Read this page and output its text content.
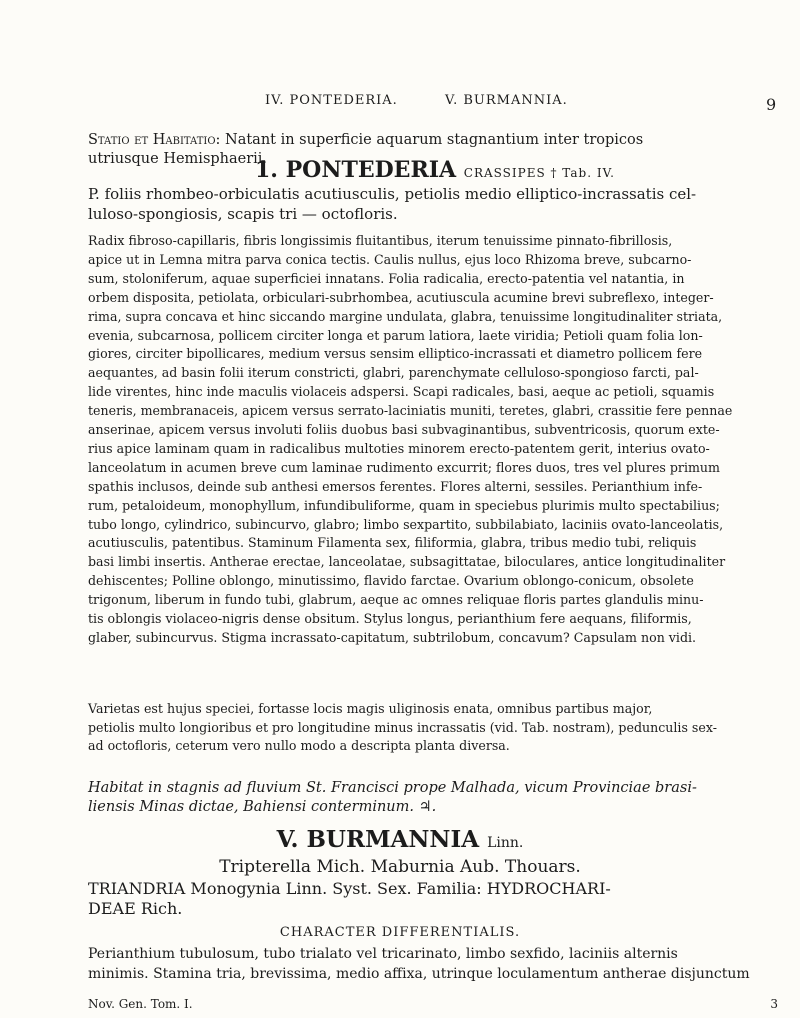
IV. PONTEDERIA.	V. BURMANNIA.	9
Statio et Habitatio: Natant in superficie aquarum stagnantium inter tropicos
utriusque Hemisphaerii.
1. PONTEDERIA CRASSIPES † Tab. IV.
P. foliis rhombeo-orbiculatis acutiusculis, petiolis medio elliptico-incrassatis cel-
luloso-spongiosis, scapis tri — octofloris.
Radix fibroso-capillaris, fibris longissimis fluitantibus, iterum tenuissime pinnato-fibrillosis,
apice ut in Lemna mitra parva conica tectis. Caulis nullus, ejus loco Rhizoma breve, subcarno-
sum, stoloniferum, aquae superficiei innatans. Folia radicalia, erecto-patentia vel natantia, in
orbem disposita, petiolata, orbiculari-subrhombea, acutiuscula acumine brevi subreflexo, integer-
rima, supra concava et hinc siccando margine undulata, glabra, tenuissime longitudinaliter striata,
evenia, subcarnosa, pollicem circiter longa et parum latiora, laete viridia; Petioli quam folia lon-
giores, circiter bipollicares, medium versus sensim elliptico-incrassati et diametro pollicem fere
aequantes, ad basin folii iterum constricti, glabri, parenchymate celluloso-spongioso farcti, pal-
lide virentes, hinc inde maculis violaceis adspersi. Scapi radicales, basi, aeque ac petioli, squamis
teneris, membranaceis, apicem versus serrato-laciniatis muniti, teretes, glabri, crassitie fere pennae
anserinae, apicem versus involuti foliis duobus basi subvaginantibus, subventricosis, quorum exte-
rius apice laminam quam in radicalibus multoties minorem erecto-patentem gerit, interius ovato-
lanceolatum in acumen breve cum laminae rudimento excurrit; flores duos, tres vel plures primum
spathis inclusos, deinde sub anthesi emersos ferentes. Flores alterni, sessiles. Perianthium infe-
rum, petaloideum, monophyllum, infundibuliforme, quam in speciebus plurimis multo spectabilius;
tubo longo, cylindrico, subincurvo, glabro; limbo sexpartito, subbilabiato, laciniis ovato-lanceolatis,
acutiusculis, patentibus. Staminum Filamenta sex, filiformia, glabra, tribus medio tubi, reliquis
basi limbi insertis. Antherae erectae, lanceolatae, subsagittatae, biloculares, antice longitudinaliter
dehiscentes; Polline oblongo, minutissimo, flavido farctae. Ovarium oblongo-conicum, obsolete
trigonum, liberum in fundo tubi, glabrum, aeque ac omnes reliquae floris partes glandulis minu-
tis oblongis violaceo-nigris dense obsitum. Stylus longus, perianthium fere aequans, filiformis,
glaber, subincurvus. Stigma incrassato-capitatum, subtrilobum, concavum? Capsulam non vidi.
Varietas est hujus speciei, fortasse locis magis uliginosis enata, omnibus partibus major,
petiolis multo longioribus et pro longitudine minus incrassatis (vid. Tab. nostram), pedunculis sex-
ad octofloris, ceterum vero nullo modo a descripta planta diversa.
Habitat in stagnis ad fluvium St. Francisci prope Malhada, vicum Provinciae brasi-
liensis Minas dictae, Bahiensi conterminum. ♃.
V. BURMANNIA Linn.
Tripterella Mich. Maburnia Aub. Thouars.
TRIANDRIA Monogynia Linn. Syst. Sex. Familia: HYDROCHARI-
DEAE Rich.
CHARACTER DIFFERENTIALIS.
Perianthium tubulosum, tubo trialato vel tricarinato, limbo sexfido, laciniis alternis
minimis. Stamina tria, brevissima, medio affixa, utrinque loculamentum antherae disjunctum
Nov. Gen. Tom. I.	3
